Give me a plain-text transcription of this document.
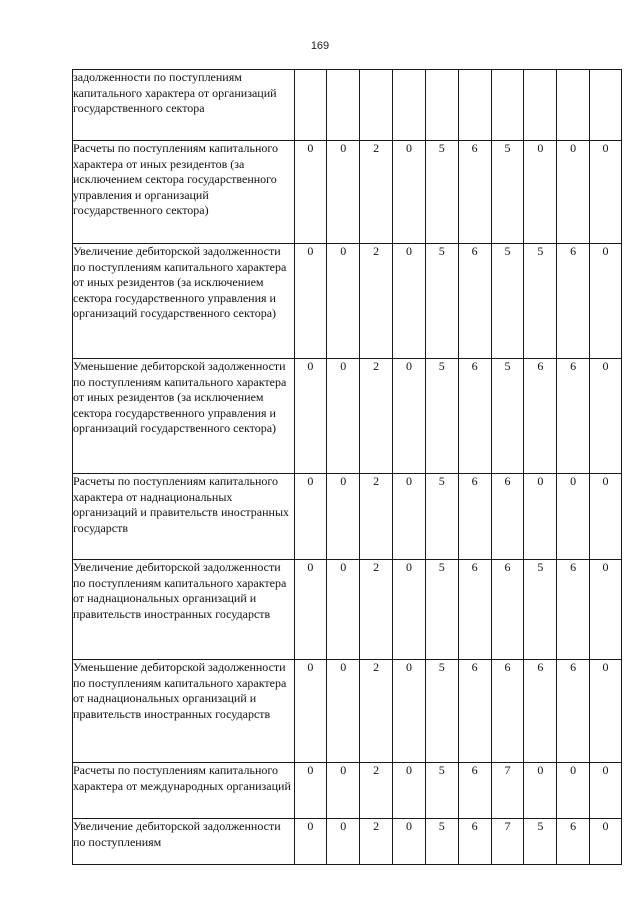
169
задолженности по поступлениям капитального характера от организаций государственного сектора										
Расчеты по поступлениям капитального характера от иных резидентов (за исключением сектора государственного управления и организаций государственного сектора)	0	0	2	0	5	6	5	0	0	0
Увеличение дебиторской задолженности по поступлениям капитального характера от иных резидентов (за исключением сектора государственного управления и организаций государственного сектора)	0	0	2	0	5	6	5	5	6	0
Уменьшение дебиторской задолженности по поступлениям капитального характера от иных резидентов (за исключением сектора государственного управления и организаций государственного сектора)	0	0	2	0	5	6	5	6	6	0
Расчеты по поступлениям капитального характера от наднациональных организаций и правительств иностранных государств	0	0	2	0	5	6	6	0	0	0
Увеличение дебиторской задолженности по поступлениям капитального характера от наднациональных организаций и правительств иностранных государств	0	0	2	0	5	6	6	5	6	0
Уменьшение дебиторской задолженности по поступлениям капитального характера от наднациональных организаций и правительств иностранных государств	0	0	2	0	5	6	6	6	6	0
Расчеты по поступлениям капитального характера от международных организаций	0	0	2	0	5	6	7	0	0	0
Увеличение дебиторской задолженности по поступлениям	0	0	2	0	5	6	7	5	6	0
